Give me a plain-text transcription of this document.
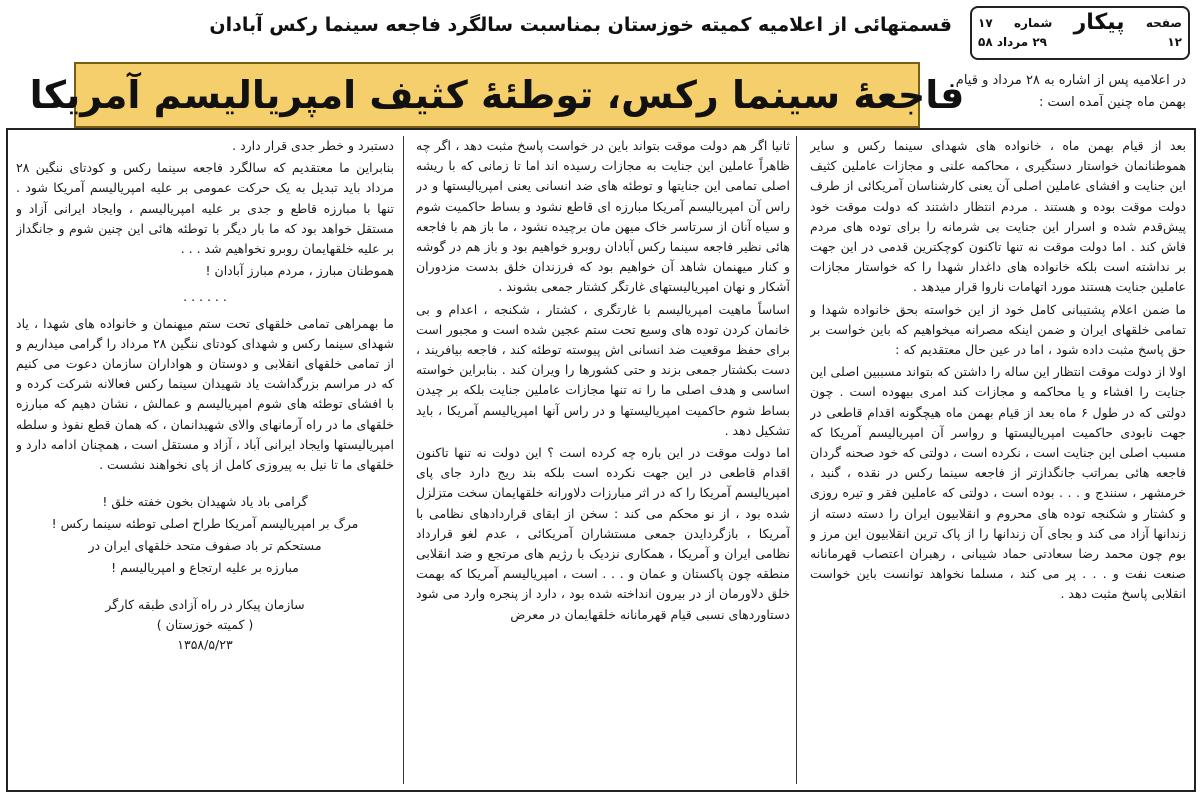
صفحه
پیکار
شماره
۱۷
۱۲
۲۹ مرداد ۵۸
قسمتهائی از اعلامیه کمیته خوزستان بمناسبت سالگرد فاجعه سینما رکس آبادان
فاجعۀ سینما رکس، توطئۀ کثیف امپریالیسم آمریکا
در اعلامیه پس از اشاره به ۲۸ مرداد و قیام بهمن ماه چنین آمده است :

بعد از قیام بهمن ماه ، خانواده های شهدای سینما رکس و سایر هموطنانمان خواستار دستگیری ، محاکمه علنی و مجازات عاملین کثیف این جنایت و افشای عاملین اصلی آن یعنی کارشناسان آمریکائی از طرف دولت موقت بوده و هستند . مردم انتظار داشتند که دولت موقت خود پیش‌قدم شده و اسرار این جنایت بی شرمانه را برای توده های مردم فاش کند . اما دولت موقت نه تنها تاکنون کوچکترین قدمی در این جهت بر نداشته است بلکه خانواده های داغدار شهدا را که خواستار مجازات عاملین جنایت هستند مورد اتهامات ناروا قرار میدهد .

ما ضمن اعلام پشتیبانی کامل خود از این خواسته بحق خانواده شهدا و تمامی خلقهای ایران و ضمن اینکه مصرانه میخواهیم که باین خواست بر حق پاسخ مثبت داده شود ، اما در عین حال معتقدیم که :

اولا از دولت موقت انتظار این ساله را داشتن که بتواند مسببین اصلی این جنایت را افشاء و یا محاکمه و مجازات کند امری بیهوده است . چون دولتی که در طول ۶ ماه بعد از قیام بهمن ماه هیچگونه اقدام قاطعی در جهت نابودی حاکمیت امپریالیستها و رواسر آن امپریالیسم آمریکا که مسبب اصلی این جنایت است ، نکرده است ، دولتی که خود صحنه گردان فاجعه هائی بمراتب جانگدازتر از فاجعه سینما رکس در نقده ، گنبد ، خرمشهر ، سنندج و . . . بوده است ، دولتی که عاملین فقر و تیره روزی و کشتار و شکنجه توده های محروم و انقلابیون ایران را دسته دسته از زندانها آزاد می کند و بجای آن زندانها را از پاک ترین انقلابیون این مرز و بوم چون محمد رضا سعادتی حماد شیبانی ، رهبران اعتصاب قهرمانانه صنعت نفت و . . . پر می کند ، مسلما نخواهد توانست باین خواست انقلابی پاسخ مثبت دهد .

ثانیا اگر هم دولت موقت بتواند باین در خواست پاسخ مثبت دهد ، اگر چه ظاهراً عاملین این جنایت به مجازات رسیده اند اما تا زمانی که با ریشه اصلی تمامی این جنایتها و توطئه های ضد انسانی یعنی امپریالیستها و در راس آن امپریالیسم آمریکا مبارزه ای قاطع نشود و بساط حاکمیت شوم و سیاه آنان از سرتاسر خاک میهن مان برچیده نشود ، ما باز هم با فاجعه هائی نظیر فاجعه سینما رکس آبادان روبرو خواهیم بود و باز هم در گوشه و کنار میهنمان شاهد آن خواهیم بود که فرزندان خلق بدست مزدوران آشکار و نهان امپریالیستهای غارتگر کشتار جمعی بشوند .

اساساً ماهیت امپریالیسم با غارتگری ، کشتار ، شکنجه ، اعدام و بی خانمان کردن توده های وسیع تحت ستم عجین شده است و مجبور است برای حفظ موقعیت ضد انسانی اش پیوسته توطئه کند ، فاجعه بیافریند ، دست بکشتار جمعی بزند و حتی کشورها را ویران کند . بنابراین خواسته اساسی و هدف اصلی ما را نه تنها مجازات عاملین جنایت بلکه بر چیدن بساط شوم حاکمیت امپریالیستها و در راس آنها امپریالیسم آمریکا ، باید تشکیل دهد .

اما دولت موقت در این باره چه کرده است ؟ این دولت نه تنها تاکنون اقدام قاطعی در این جهت نکرده است بلکه بند ریج دارد جای پای امپریالیسم آمریکا را که در اثر مبارزات دلاورانه خلقهایمان سخت متزلزل شده بود ، از نو محکم می کند : سخن از ابقای قراردادهای نظامی با آمریکا ، بازگردایدن جمعی مستشاران آمریکائی ، عدم لغو قرارداد نظامی ایران و آمریکا ، همکاری نزدیک با رژیم های مرتجع و ضد انقلابی منطقه چون پاکستان و عمان و . . . است ، امپریالیسم آمریکا که بهمت خلق دلاورمان از در بیرون انداخته شده بود ، دارد از پنجره وارد می شود دستاوردهای نسبی قیام قهرمانانه خلقهایمان در معرض

دستبرد و خطر جدی قرار دارد .

بنابراین ما معتقدیم که سالگرد فاجعه سینما رکس و کودتای ننگین ۲۸ مرداد باید تبدیل به یک حرکت عمومی بر علیه امپریالیسم آمریکا شود . تنها با مبارزه قاطع و جدی بر علیه امپریالیسم ، وایجاد ایرانی آزاد و مستقل خواهد بود که ما بار دیگر با توطئه هائی این چنین شوم و جانگداز بر علیه خلقهایمان روبرو نخواهیم شد . . .

هموطنان مبارز ، مردم مبارز آبادان !

. . . . . .

ما بهمراهی تمامی خلقهای تحت ستم میهنمان و خانواده های شهدا ، یاد شهدای سینما رکس و شهدای کودتای ننگین ۲۸ مرداد را گرامی میداریم و از تمامی خلقهای انقلابی و دوستان و هواداران سازمان دعوت می کنیم که در مراسم بزرگداشت یاد شهیدان سینما رکس فعالانه شرکت کرده و با افشای توطئه های شوم امپریالیسم و عمالش ، نشان دهیم که مبارزه خلقهای ما در راه آرمانهای والای شهیدانمان ، که همان قطع نفوذ و سلطه امپریالیستها وایجاد ایرانی آباد ، آزاد و مستقل است ، همچنان ادامه دارد و خلقهای ما تا نیل به پیروزی کامل از پای نخواهند نشست .

گرامی باد یاد شهیدان بخون خفته خلق !
مرگ بر امپریالیسم آمریکا طراح اصلی توطئه سینما رکس !
مستحکم تر باد صفوف متحد خلقهای ایران در
مبارزه بر علیه ارتجاع و امپریالیسم !
سازمان پیکار در راه آزادی طبقه کارگر
( کمیته خوزستان )
۱۳۵۸/۵/۲۳
